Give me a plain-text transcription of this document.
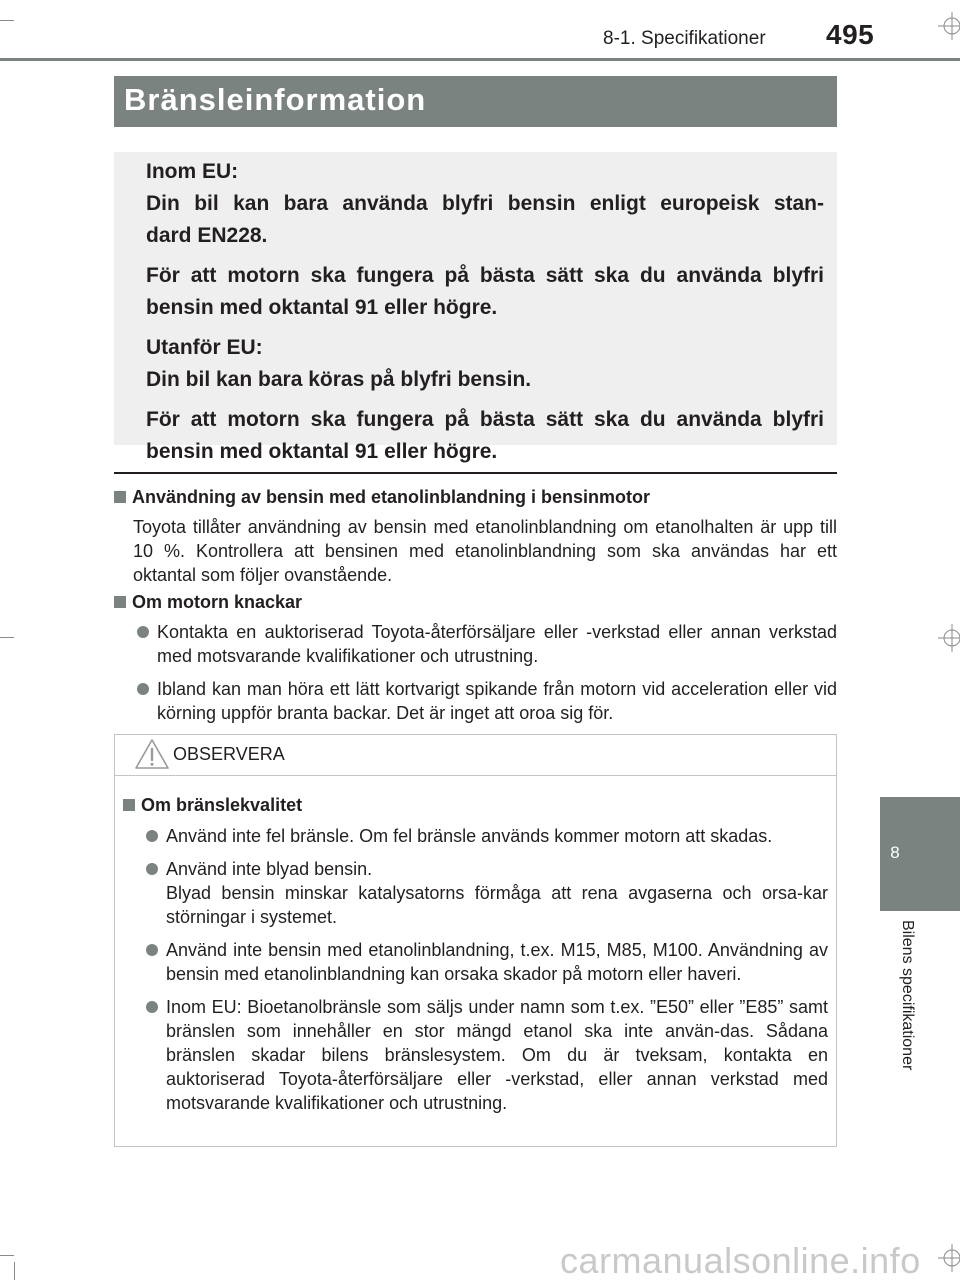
8-1. Specifikationer 495
8
Bilens specifikationer
Bränsleinformation

Inom EU:

Din bil kan bara använda blyfri bensin enligt europeisk stan-
dard EN228.

För att motorn ska fungera på bästa sätt ska du använda blyfri bensin med oktantal 91 eller högre.

Utanför EU:
Din bil kan bara köras på blyfri bensin.

För att motorn ska fungera på bästa sätt ska du använda blyfri bensin med oktantal 91 eller högre.

Användning av bensin med etanolinblandning i bensinmotor

Toyota tillåter användning av bensin med etanolinblandning om etanolhalten är upp till 10 %. Kontrollera att bensinen med etanolinblandning som ska användas har ett oktantal som följer ovanstående.

Om motorn knackar

Kontakta en auktoriserad Toyota-återförsäljare eller -verkstad eller annan verkstad med motsvarande kvalifikationer och utrustning.
Ibland kan man höra ett lätt kortvarigt spikande från motorn vid acceleration eller vid körning uppför branta backar. Det är inget att oroa sig för.
OBSERVERA

Om bränslekvalitet

Använd inte fel bränsle. Om fel bränsle används kommer motorn att skadas.
Använd inte blyad bensin.
Blyad bensin minskar katalysatorns förmåga att rena avgaserna och orsa-kar störningar i systemet.
Använd inte bensin med etanolinblandning, t.ex. M15, M85, M100. Användning av bensin med etanolinblandning kan orsaka skador på motorn eller haveri.
Inom EU: Bioetanolbränsle som säljs under namn som t.ex. ”E50” eller ”E85” samt bränslen som innehåller en stor mängd etanol ska inte använ-das. Sådana bränslen skadar bilens bränslesystem. Om du är tveksam, kontakta en auktoriserad Toyota-återförsäljare eller -verkstad, eller annan verkstad med motsvarande kvalifikationer och utrustning.
carmanualsonline.info
